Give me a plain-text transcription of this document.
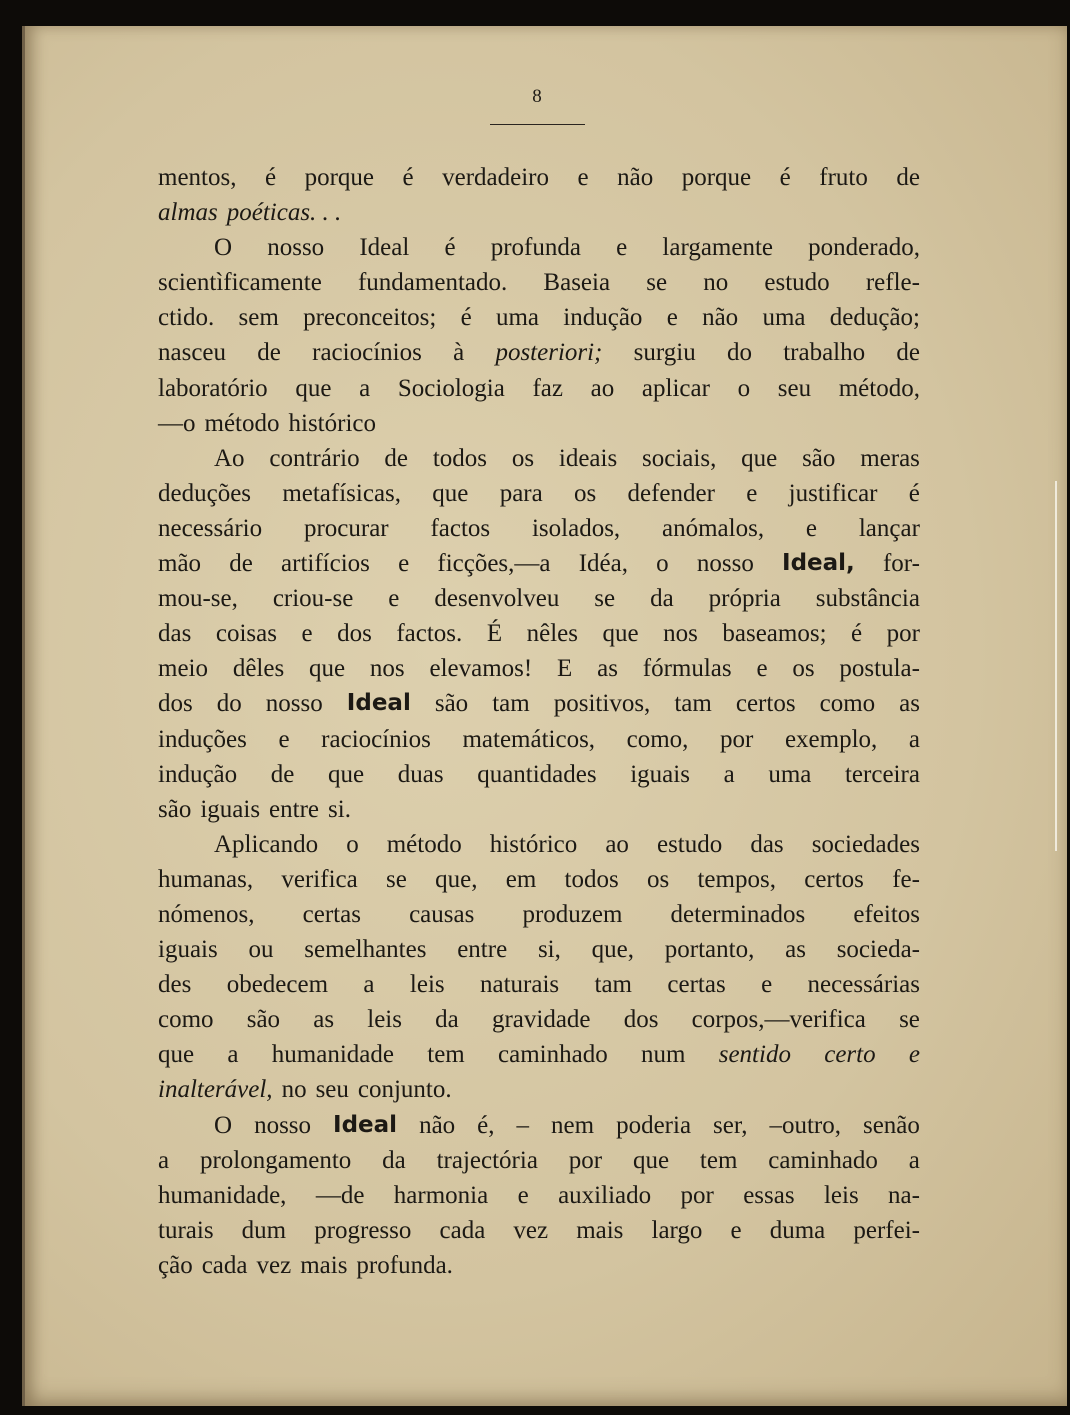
8
mentos, é porque é verdadeiro e não porque é fruto de
almas poéticas. . .
O nosso Ideal é profunda e largamente ponderado,
scientìficamente fundamentado. Baseia se no estudo refle-
ctido. sem preconceitos; é uma indução e não uma dedução;
nasceu de raciocínios à posteriori; surgiu do trabalho de
laboratório que a Sociologia faz ao aplicar o seu método,
—o método histórico
Ao contrário de todos os ideais sociais, que são meras
deduções metafísicas, que para os defender e justificar é
necessário procurar factos isolados, anómalos, e lançar
mão de artifícios e ficções,—a Idéa, o nosso Ideal, for-
mou-se, criou-se e desenvolveu se da própria substância
das coisas e dos factos. É nêles que nos baseamos; é por
meio dêles que nos elevamos! E as fórmulas e os postula-
dos do nosso Ideal são tam positivos, tam certos como as
induções e raciocínios matemáticos, como, por exemplo, a
indução de que duas quantidades iguais a uma terceira
são iguais entre si.
Aplicando o método histórico ao estudo das sociedades
humanas, verifica se que, em todos os tempos, certos fe-
nómenos, certas causas produzem determinados efeitos
iguais ou semelhantes entre si, que, portanto, as socieda-
des obedecem a leis naturais tam certas e necessárias
como são as leis da gravidade dos corpos,—verifica se
que a humanidade tem caminhado num sentido certo e
inalterável, no seu conjunto.
O nosso Ideal não é, – nem poderia ser, –outro, senão
a prolongamento da trajectória por que tem caminhado a
humanidade, —de harmonia e auxiliado por essas leis na-
turais dum progresso cada vez mais largo e duma perfei-
ção cada vez mais profunda.
